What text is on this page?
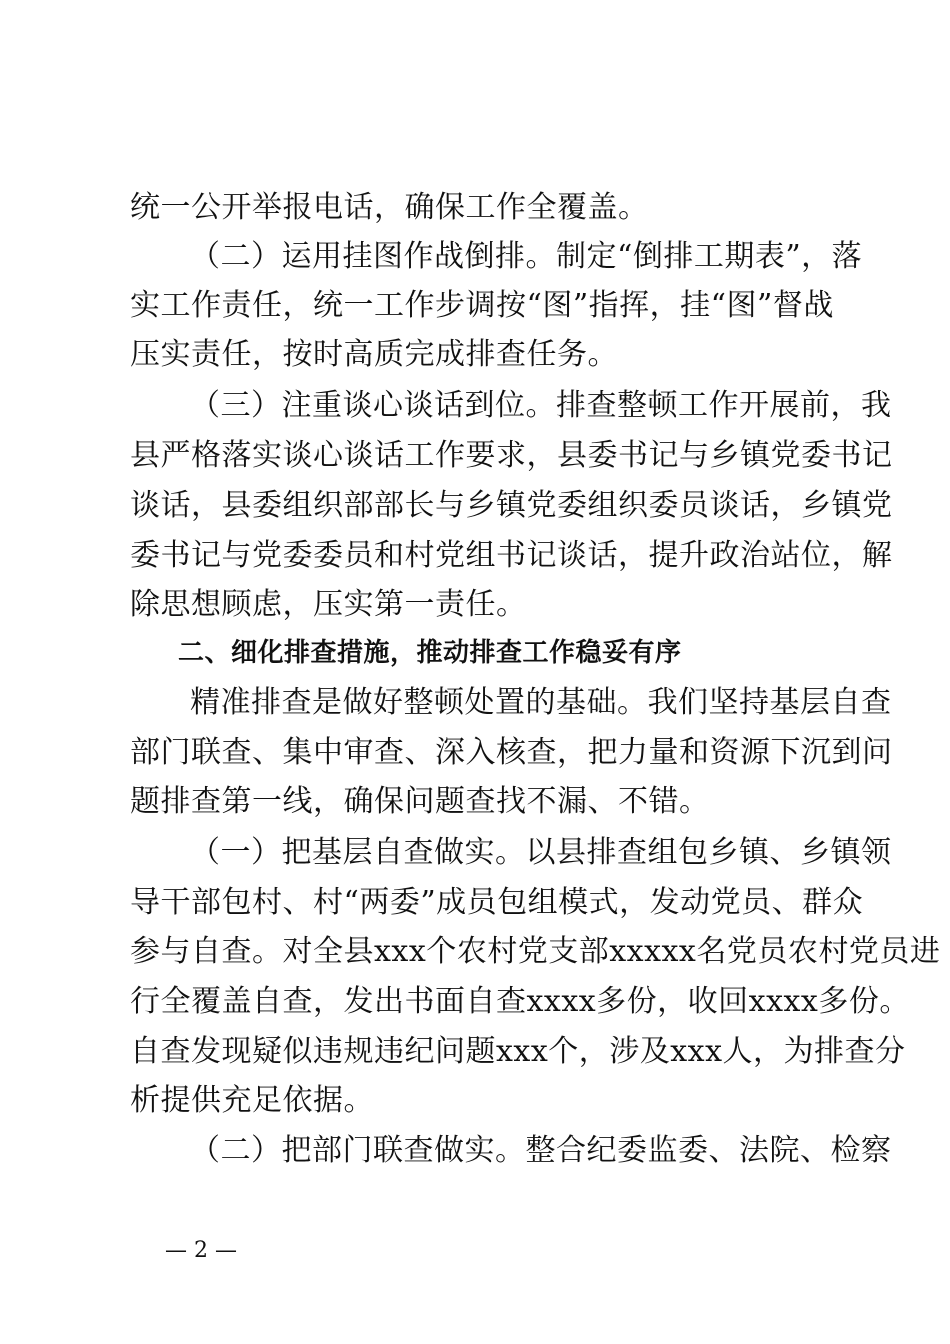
统一公开举报电话，确保工作全覆盖。
（二）运用挂图作战倒排。制定“倒排工期表”，落
实工作责任，统一工作步调按“图”指挥，挂“图”督战
压实责任，按时高质完成排查任务。
（三）注重谈心谈话到位。排查整顿工作开展前，我
县严格落实谈心谈话工作要求，县委书记与乡镇党委书记
谈话，县委组织部部长与乡镇党委组织委员谈话，乡镇党
委书记与党委委员和村党组书记谈话，提升政治站位，解
除思想顾虑，压实第一责任。
二、细化排查措施，推动排查工作稳妥有序
精准排查是做好整顿处置的基础。我们坚持基层自查
部门联查、集中审查、深入核查，把力量和资源下沉到问
题排查第一线，确保问题查找不漏、不错。
（一）把基层自查做实。以县排查组包乡镇、乡镇领
导干部包村、村“两委”成员包组模式，发动党员、群众
参与自查。对全县xxx个农村党支部xxxxx名党员农村党员进
行全覆盖自查，发出书面自查xxxx多份，收回xxxx多份。
自查发现疑似违规违纪问题xxx个，涉及xxx人，为排查分
析提供充足依据。
（二）把部门联查做实。整合纪委监委、法院、检察
— 2 —
